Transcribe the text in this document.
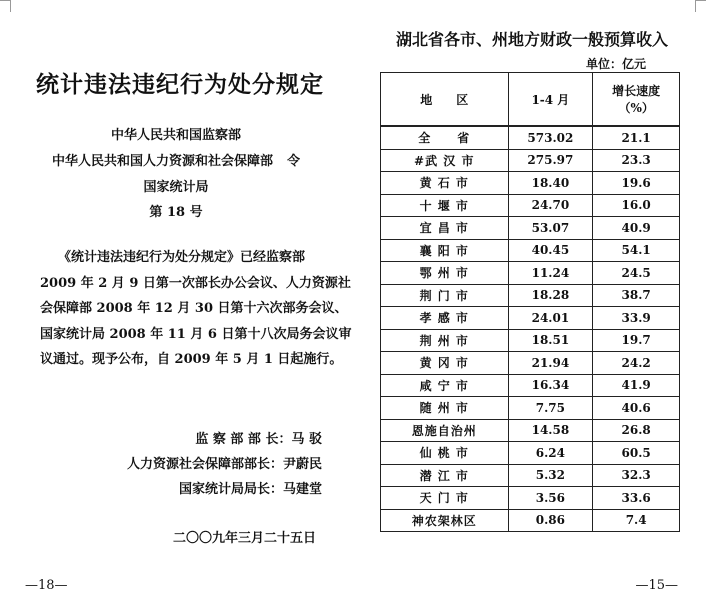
统计违法违纪行为处分规定
中华人民共和国监察部
中华人民共和国人力资源和社会保障部 令
国家统计局
第 18 号
《统计违法违纪行为处分规定》已经监察部
2009 年 2 月 9 日第一次部长办公会议、人力资源社
会保障部 2008 年 12 月 30 日第十六次部务会议、
国家统计局 2008 年 11 月 6 日第十八次局务会议审
议通过。现予公布，自 2009 年 5 月 1 日起施行。
监 察 部 部 长：马 驳
人力资源社会保障部部长：尹蔚民
国家统计局局长：马建堂
二〇〇九年三月二十五日
—18—
湖北省各市、州地方财政一般预算收入
单位：亿元
地　　区	1-4 月	增长速度
（%）

全　　省	573.02	21.1
#武 汉 市	275.97	23.3
黄 石 市	18.40	19.6
十 堰 市	24.70	16.0
宜 昌 市	53.07	40.9
襄 阳 市	40.45	54.1
鄂 州 市	11.24	24.5
荆 门 市	18.28	38.7
孝 感 市	24.01	33.9
荆 州 市	18.51	19.7
黄 冈 市	21.94	24.2
咸 宁 市	16.34	41.9
随 州 市	7.75	40.6
恩施自治州	14.58	26.8
仙 桃 市	6.24	60.5
潜 江 市	5.32	32.3
天 门 市	3.56	33.6
神农架林区	0.86	7.4
—15—
